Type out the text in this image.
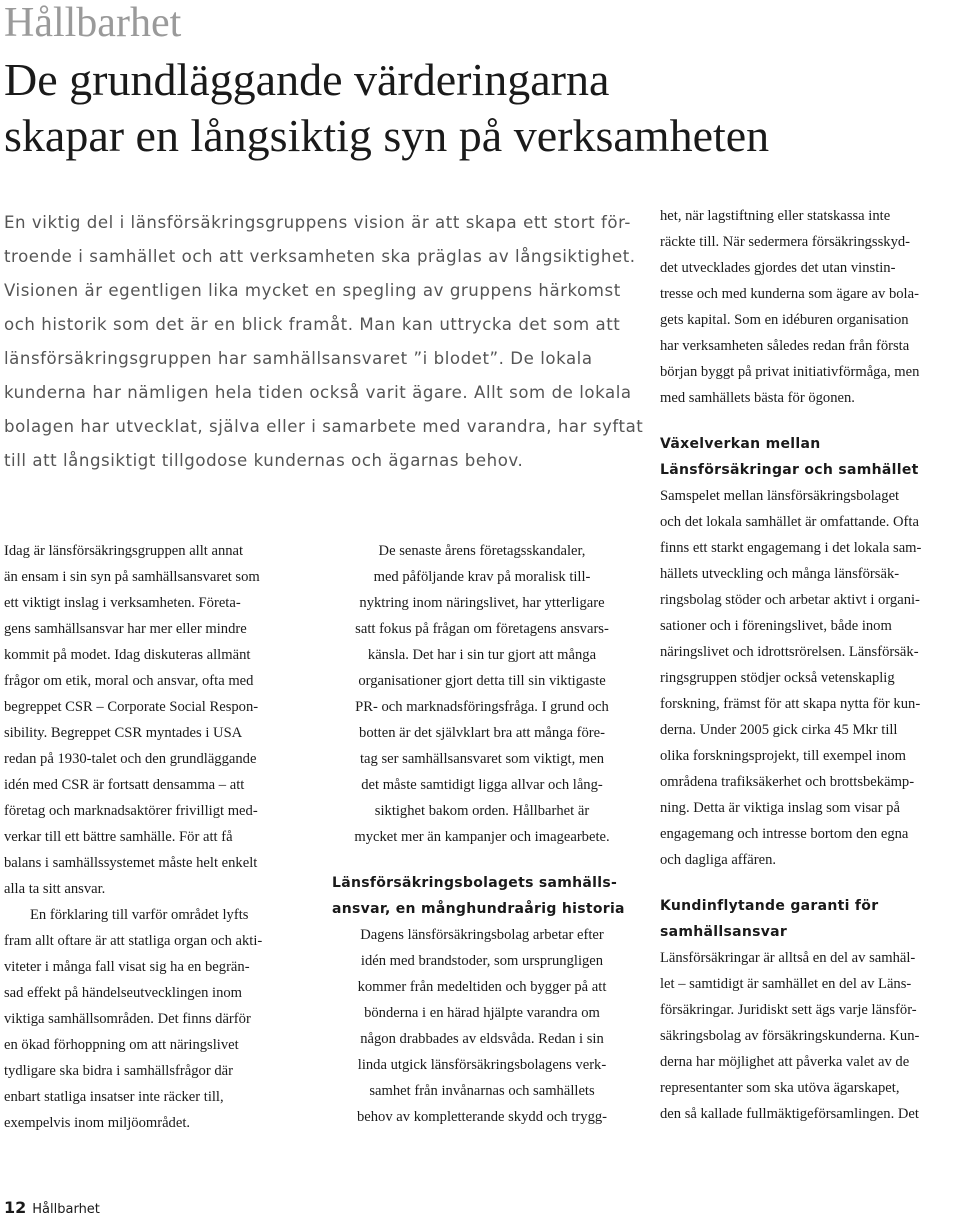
Hållbarhet
De grundläggande värderingarna
skapar en långsiktig syn på verksamheten
En viktig del i länsförsäkringsgruppens vision är att skapa ett stort för-
troende i samhället och att verksamheten ska präglas av långsiktighet.
Visionen är egentligen lika mycket en spegling av gruppens härkomst
och historik som det är en blick framåt. Man kan uttrycka det som att
länsförsäkringsgruppen har samhällsansvaret ”i blodet”. De lokala
kunderna har nämligen hela tiden också varit ägare. Allt som de lokala
bolagen har utvecklat, själva eller i samarbete med varandra, har syftat
till att långsiktigt tillgodose kundernas och ägarnas behov.
Idag är länsförsäkringsgruppen allt annat
än ensam i sin syn på samhällsansvaret som
ett viktigt inslag i verksamheten. Företa-
gens samhällsansvar har mer eller mindre
kommit på modet. Idag diskuteras allmänt
frågor om etik, moral och ansvar, ofta med
begreppet CSR – Corporate Social Respon-
sibility. Begreppet CSR myntades i USA
redan på 1930-talet och den grundläggande
idén med CSR är fortsatt densamma – att
företag och marknadsaktörer frivilligt med-
verkar till ett bättre samhälle. För att få
balans i samhällssystemet måste helt enkelt
alla ta sitt ansvar.
En förklaring till varför området lyfts
fram allt oftare är att statliga organ och akti-
viteter i många fall visat sig ha en begrän-
sad effekt på händelseutvecklingen inom
viktiga samhällsområden. Det finns därför
en ökad förhoppning om att näringslivet
tydligare ska bidra i samhällsfrågor där
enbart statliga insatser inte räcker till,
exempelvis inom miljöområdet.
De senaste årens företagsskandaler,
med påföljande krav på moralisk till-
nyktring inom näringslivet, har ytterligare
satt fokus på frågan om företagens ansvars-
känsla. Det har i sin tur gjort att många
organisationer gjort detta till sin viktigaste
PR- och marknadsföringsfråga. I grund och
botten är det självklart bra att många före-
tag ser samhällsansvaret som viktigt, men
det måste samtidigt ligga allvar och lång-
siktighet bakom orden. Hållbarhet är
mycket mer än kampanjer och imagearbete.
Länsförsäkringsbolagets samhälls-
ansvar, en månghundraårig historia
Dagens länsförsäkringsbolag arbetar efter
idén med brandstoder, som ursprungligen
kommer från medeltiden och bygger på att
bönderna i en härad hjälpte varandra om
någon drabbades av eldsvåda. Redan i sin
linda utgick länsförsäkringsbolagens verk-
samhet från invånarnas och samhällets
behov av kompletterande skydd och trygg-
het, när lagstiftning eller statskassa inte
räckte till. När sedermera försäkringsskyd-
det utvecklades gjordes det utan vinstin-
tresse och med kunderna som ägare av bola-
gets kapital. Som en idéburen organisation
har verksamheten således redan från första
början byggt på privat initiativförmåga, men
med samhällets bästa för ögonen.
Växelverkan mellan
Länsförsäkringar och samhället
Samspelet mellan länsförsäkringsbolaget
och det lokala samhället är omfattande. Ofta
finns ett starkt engagemang i det lokala sam-
hällets utveckling och många länsförsäk-
ringsbolag stöder och arbetar aktivt i organi-
sationer och i föreningslivet, både inom
näringslivet och idrottsrörelsen. Länsförsäk-
ringsgruppen stödjer också vetenskaplig
forskning, främst för att skapa nytta för kun-
derna. Under 2005 gick cirka 45 Mkr till
olika forskningsprojekt, till exempel inom
områdena trafiksäkerhet och brottsbekämp-
ning. Detta är viktiga inslag som visar på
engagemang och intresse bortom den egna
och dagliga affären.
Kundinflytande garanti för
samhällsansvar
Länsförsäkringar är alltså en del av samhäl-
let – samtidigt är samhället en del av Läns-
försäkringar. Juridiskt sett ägs varje länsför-
säkringsbolag av försäkringskunderna. Kun-
derna har möjlighet att påverka valet av de
representanter som ska utöva ägarskapet,
den så kallade fullmäktigeförsamlingen. Det
12 Hållbarhet
